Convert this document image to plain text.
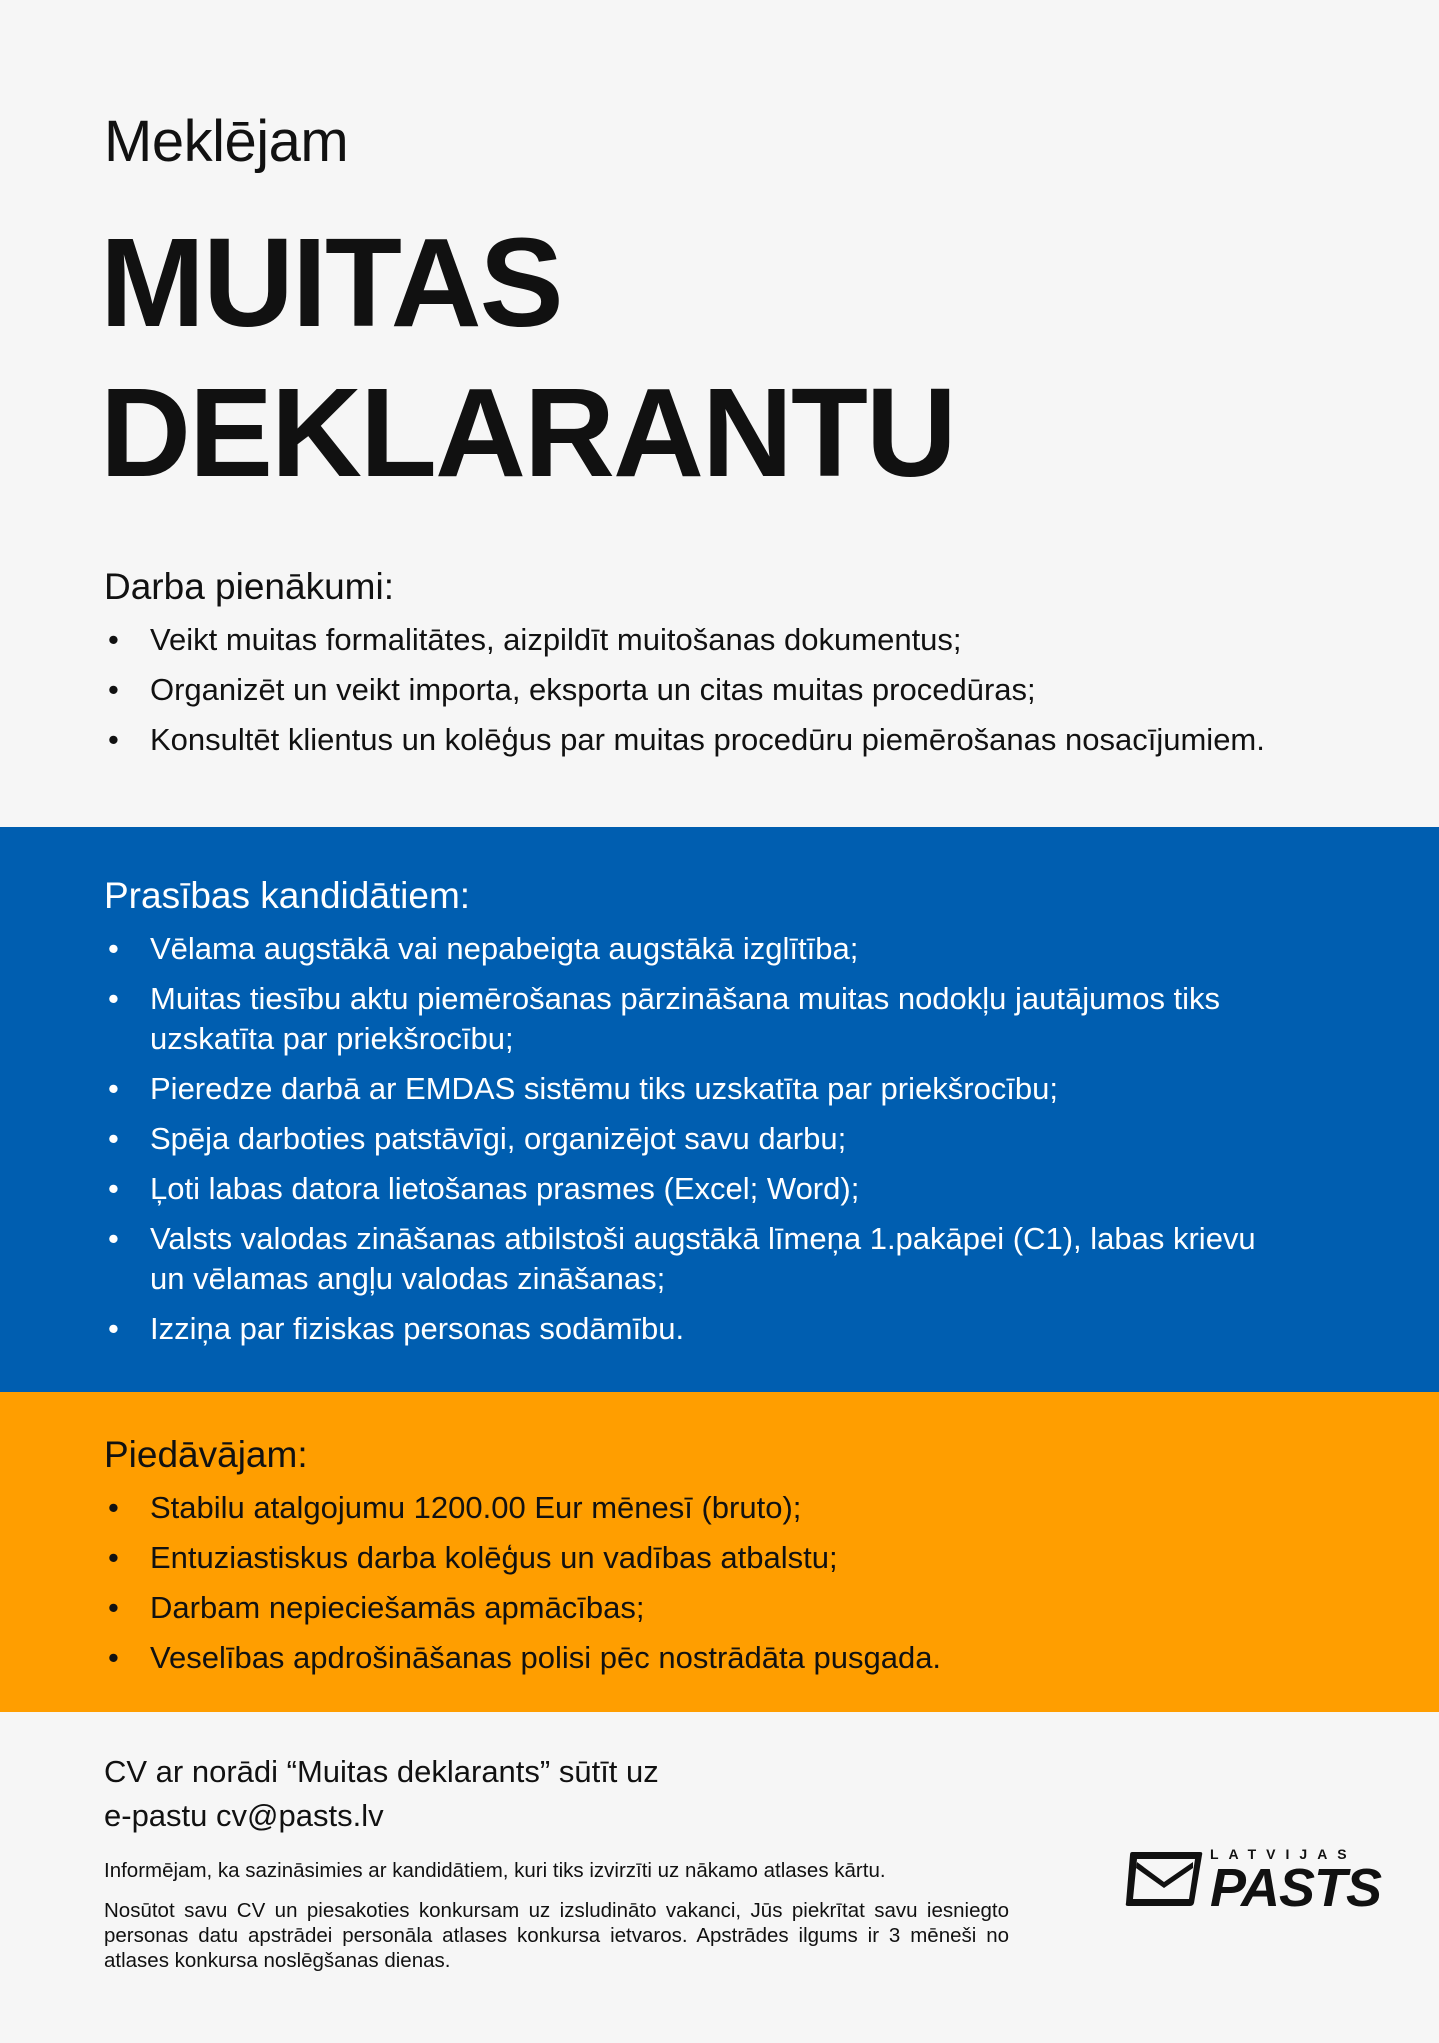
Meklējam
MUITAS
DEKLARANTU
Darba pienākumi:
• Veikt muitas formalitātes, aizpildīt muitošanas dokumentus;
• Organizēt un veikt importa, eksporta un citas muitas procedūras;
• Konsultēt klientus un kolēģus par muitas procedūru piemērošanas nosacījumiem.
Prasības kandidātiem:
• Vēlama augstākā vai nepabeigta augstākā izglītība;
• Muitas tiesību aktu piemērošanas pārzināšana muitas nodokļu jautājumos tiks uzskatīta par priekšrocību;
• Pieredze darbā ar EMDAS sistēmu tiks uzskatīta par priekšrocību;
• Spēja darboties patstāvīgi, organizējot savu darbu;
• Ļoti labas datora lietošanas prasmes (Excel; Word);
• Valsts valodas zināšanas atbilstoši augstākā līmeņa 1.pakāpei (C1), labas krievu un vēlamas angļu valodas zināšanas;
• Izziņa par fiziskas personas sodāmību.
Piedāvājam:
• Stabilu atalgojumu 1200.00 Eur mēnesī (bruto);
• Entuziastiskus darba kolēģus un vadības atbalstu;
• Darbam nepieciešamās apmācības;
• Veselības apdrošināšanas polisi pēc nostrādāta pusgada.
CV ar norādi “Muitas deklarants” sūtīt uz
e-pastu cv@pasts.lv

Informējam, ka sazināsimies ar kandidātiem, kuri tiks izvirzīti uz nākamo atlases kārtu.

Nosūtot savu CV un piesakoties konkursam uz izsludināto vakanci, Jūs piekrītat savu iesniegto personas datu apstrādei personāla atlases konkursa ietvaros. Apstrādes ilgums ir 3 mēneši no atlases konkursa noslēgšanas dienas.

LATVIJAS
PASTS
